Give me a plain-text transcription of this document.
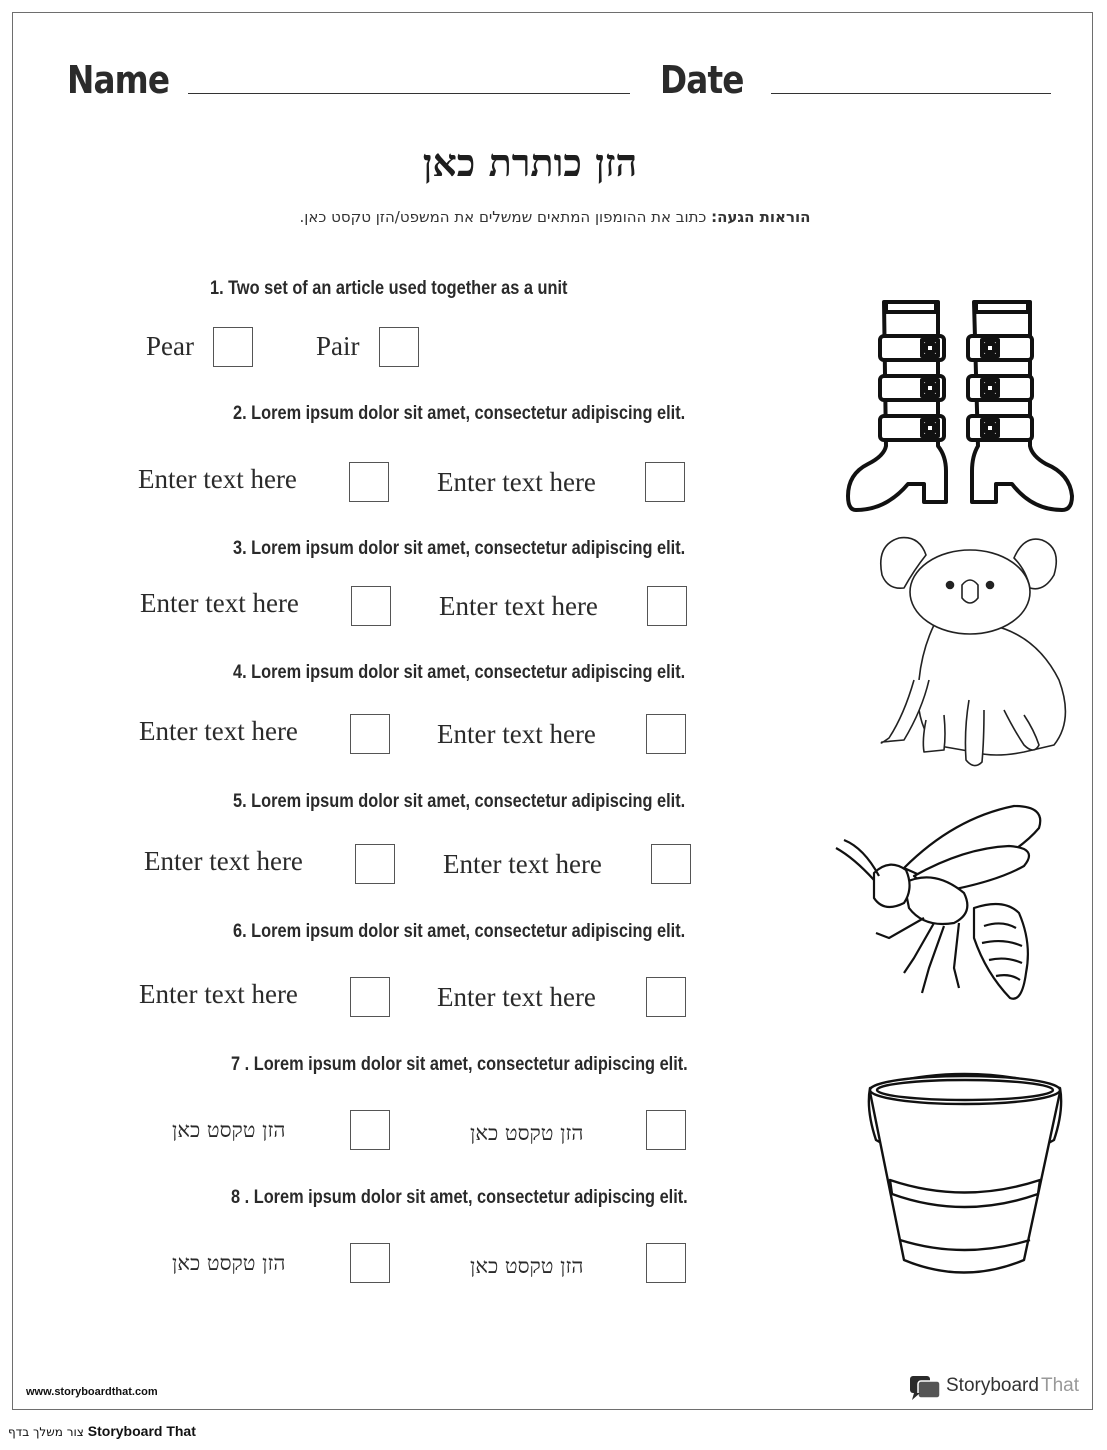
Name	Date
הזן כותרת כאן
הוראות הגעה: כתוב את ההומפון המתאים שמשלים את המשפט/הזן טקסט כאן.
1. Two set of an article used together as a unit
Pear	Pair
2. Lorem ipsum dolor sit amet, consectetur adipiscing elit.
Enter text here	Enter text here
3. Lorem ipsum dolor sit amet, consectetur adipiscing elit.
Enter text here	Enter text here
4. Lorem ipsum dolor sit amet, consectetur adipiscing elit.
Enter text here	Enter text here
5. Lorem ipsum dolor sit amet, consectetur adipiscing elit.
Enter text here	Enter text here
6. Lorem ipsum dolor sit amet, consectetur adipiscing elit.
Enter text here	Enter text here
7 . Lorem ipsum dolor sit amet, consectetur adipiscing elit.
הזן טקסט כאן	הזן טקסט כאן
8 . Lorem ipsum dolor sit amet, consectetur adipiscing elit.
הזן טקסט כאן	הזן טקסט כאן
www.storyboardthat.com	Storyboard That
צור משלך בדף Storyboard That
